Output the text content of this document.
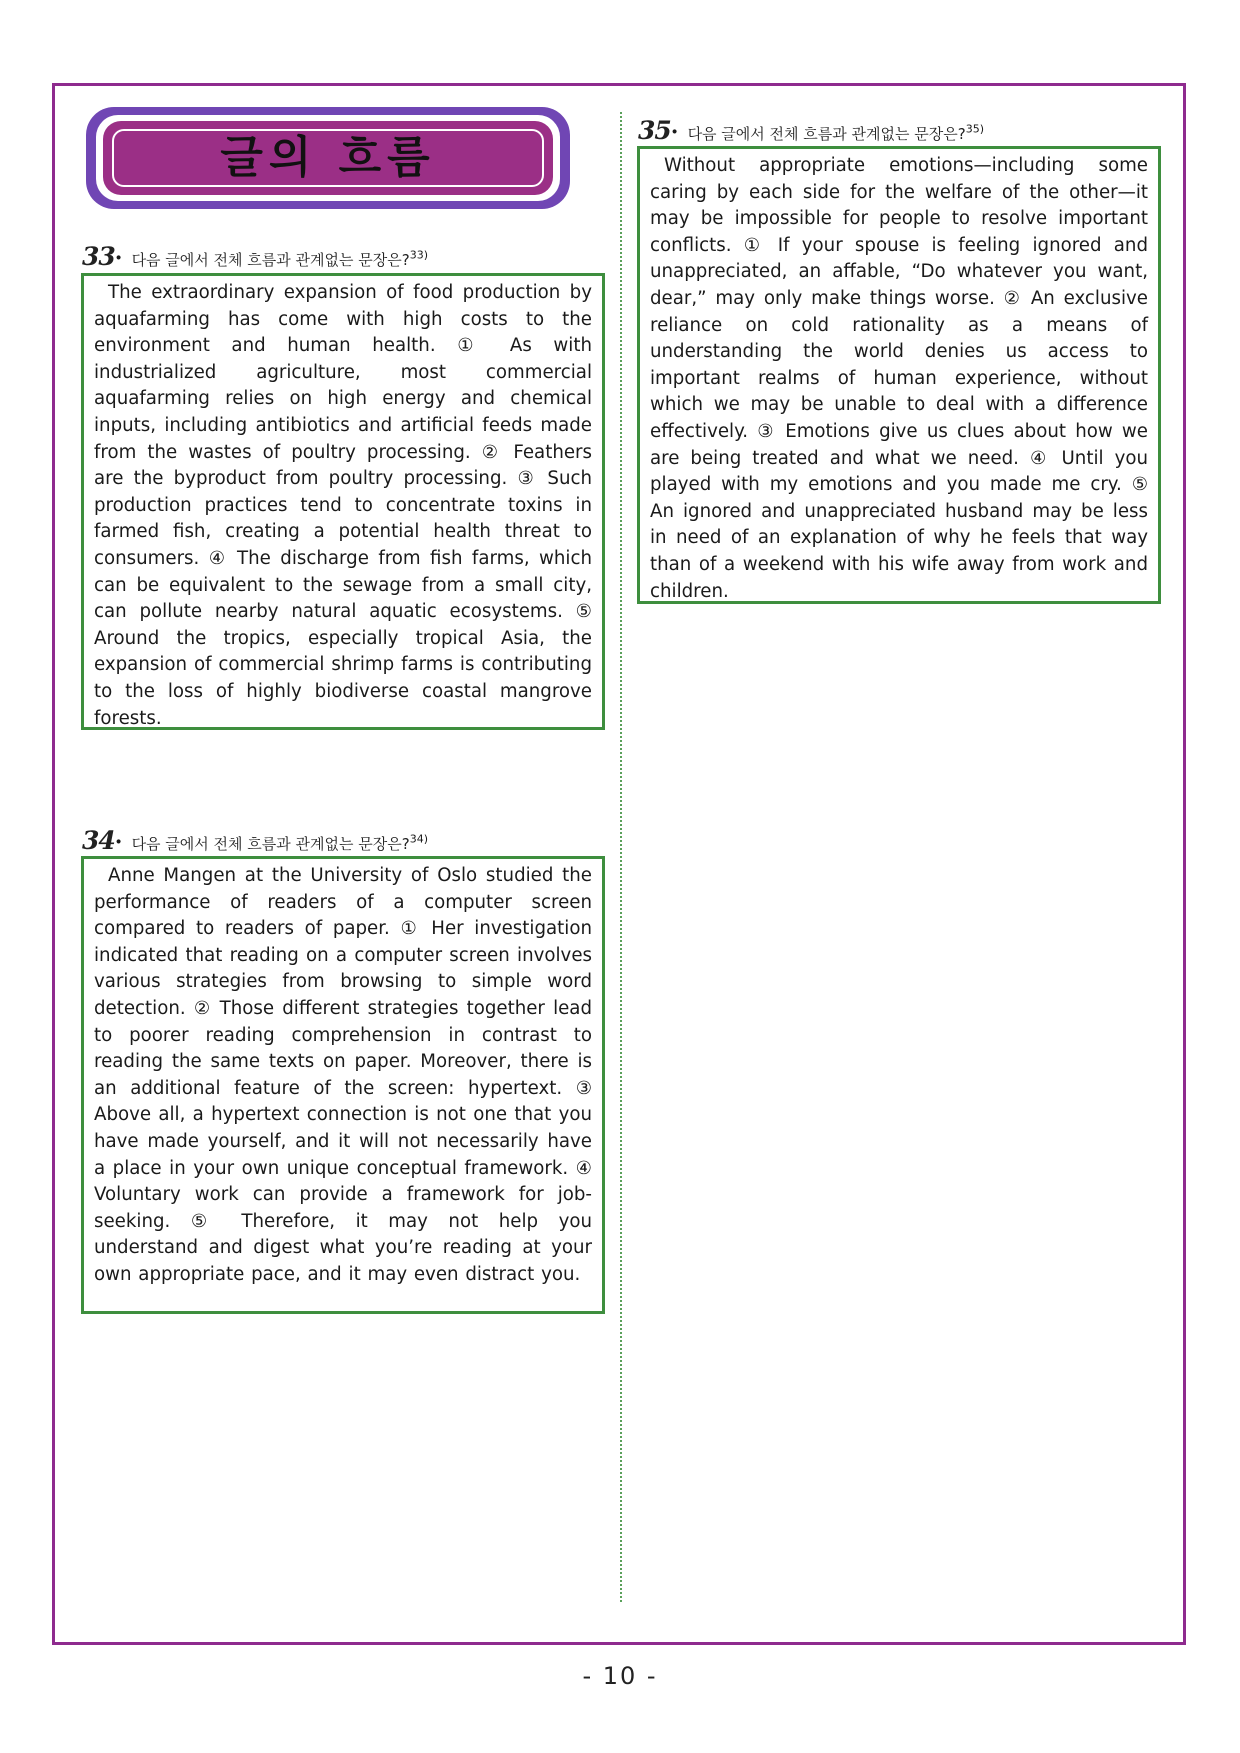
글의 흐름
33· 다음 글에서 전체 흐름과 관계없는 문장은?$^{33)}$

The extraordinary expansion of food production by aquafarming has come with high costs to the environment and human health. ① As with industrialized agriculture, most commercial aquafarming relies on high energy and chemical inputs, including antibiotics and artificial feeds made from the wastes of poultry processing. ② Feathers are the byproduct from poultry processing. ③ Such production practices tend to concentrate toxins in farmed fish, creating a potential health threat to consumers. ④ The discharge from fish farms, which can be equivalent to the sewage from a small city, can pollute nearby natural aquatic ecosystems. ⑤ Around the tropics, especially tropical Asia, the expansion of commercial shrimp farms is contributing to the loss of highly biodiverse coastal mangrove forests.

34· 다음 글에서 전체 흐름과 관계없는 문장은?$^{34)}$

Anne Mangen at the University of Oslo studied the performance of readers of a computer screen compared to readers of paper. ① Her investigation indicated that reading on a computer screen involves various strategies from browsing to simple word detection. ② Those different strategies together lead to poorer reading comprehension in contrast to reading the same texts on paper. Moreover, there is an additional feature of the screen: hypertext. ③ Above all, a hypertext connection is not one that you have made yourself, and it will not necessarily have a place in your own unique conceptual framework. ④ Voluntary work can provide a framework for job-seeking. ⑤ Therefore, it may not help you understand and digest what you’re reading at your own appropriate pace, and it may even distract you.

35· 다음 글에서 전체 흐름과 관계없는 문장은?$^{35)}$

Without appropriate emotions—including some caring by each side for the welfare of the other—it may be impossible for people to resolve important conflicts. ① If your spouse is feeling ignored and unappreciated, an affable, “Do whatever you want, dear,” may only make things worse. ② An exclusive reliance on cold rationality as a means of understanding the world denies us access to important realms of human experience, without which we may be unable to deal with a difference effectively. ③ Emotions give us clues about how we are being treated and what we need. ④ Until you played with my emotions and you made me cry. ⑤ An ignored and unappreciated husband may be less in need of an explanation of why he feels that way than of a weekend with his wife away from work and children.

- 10 -
